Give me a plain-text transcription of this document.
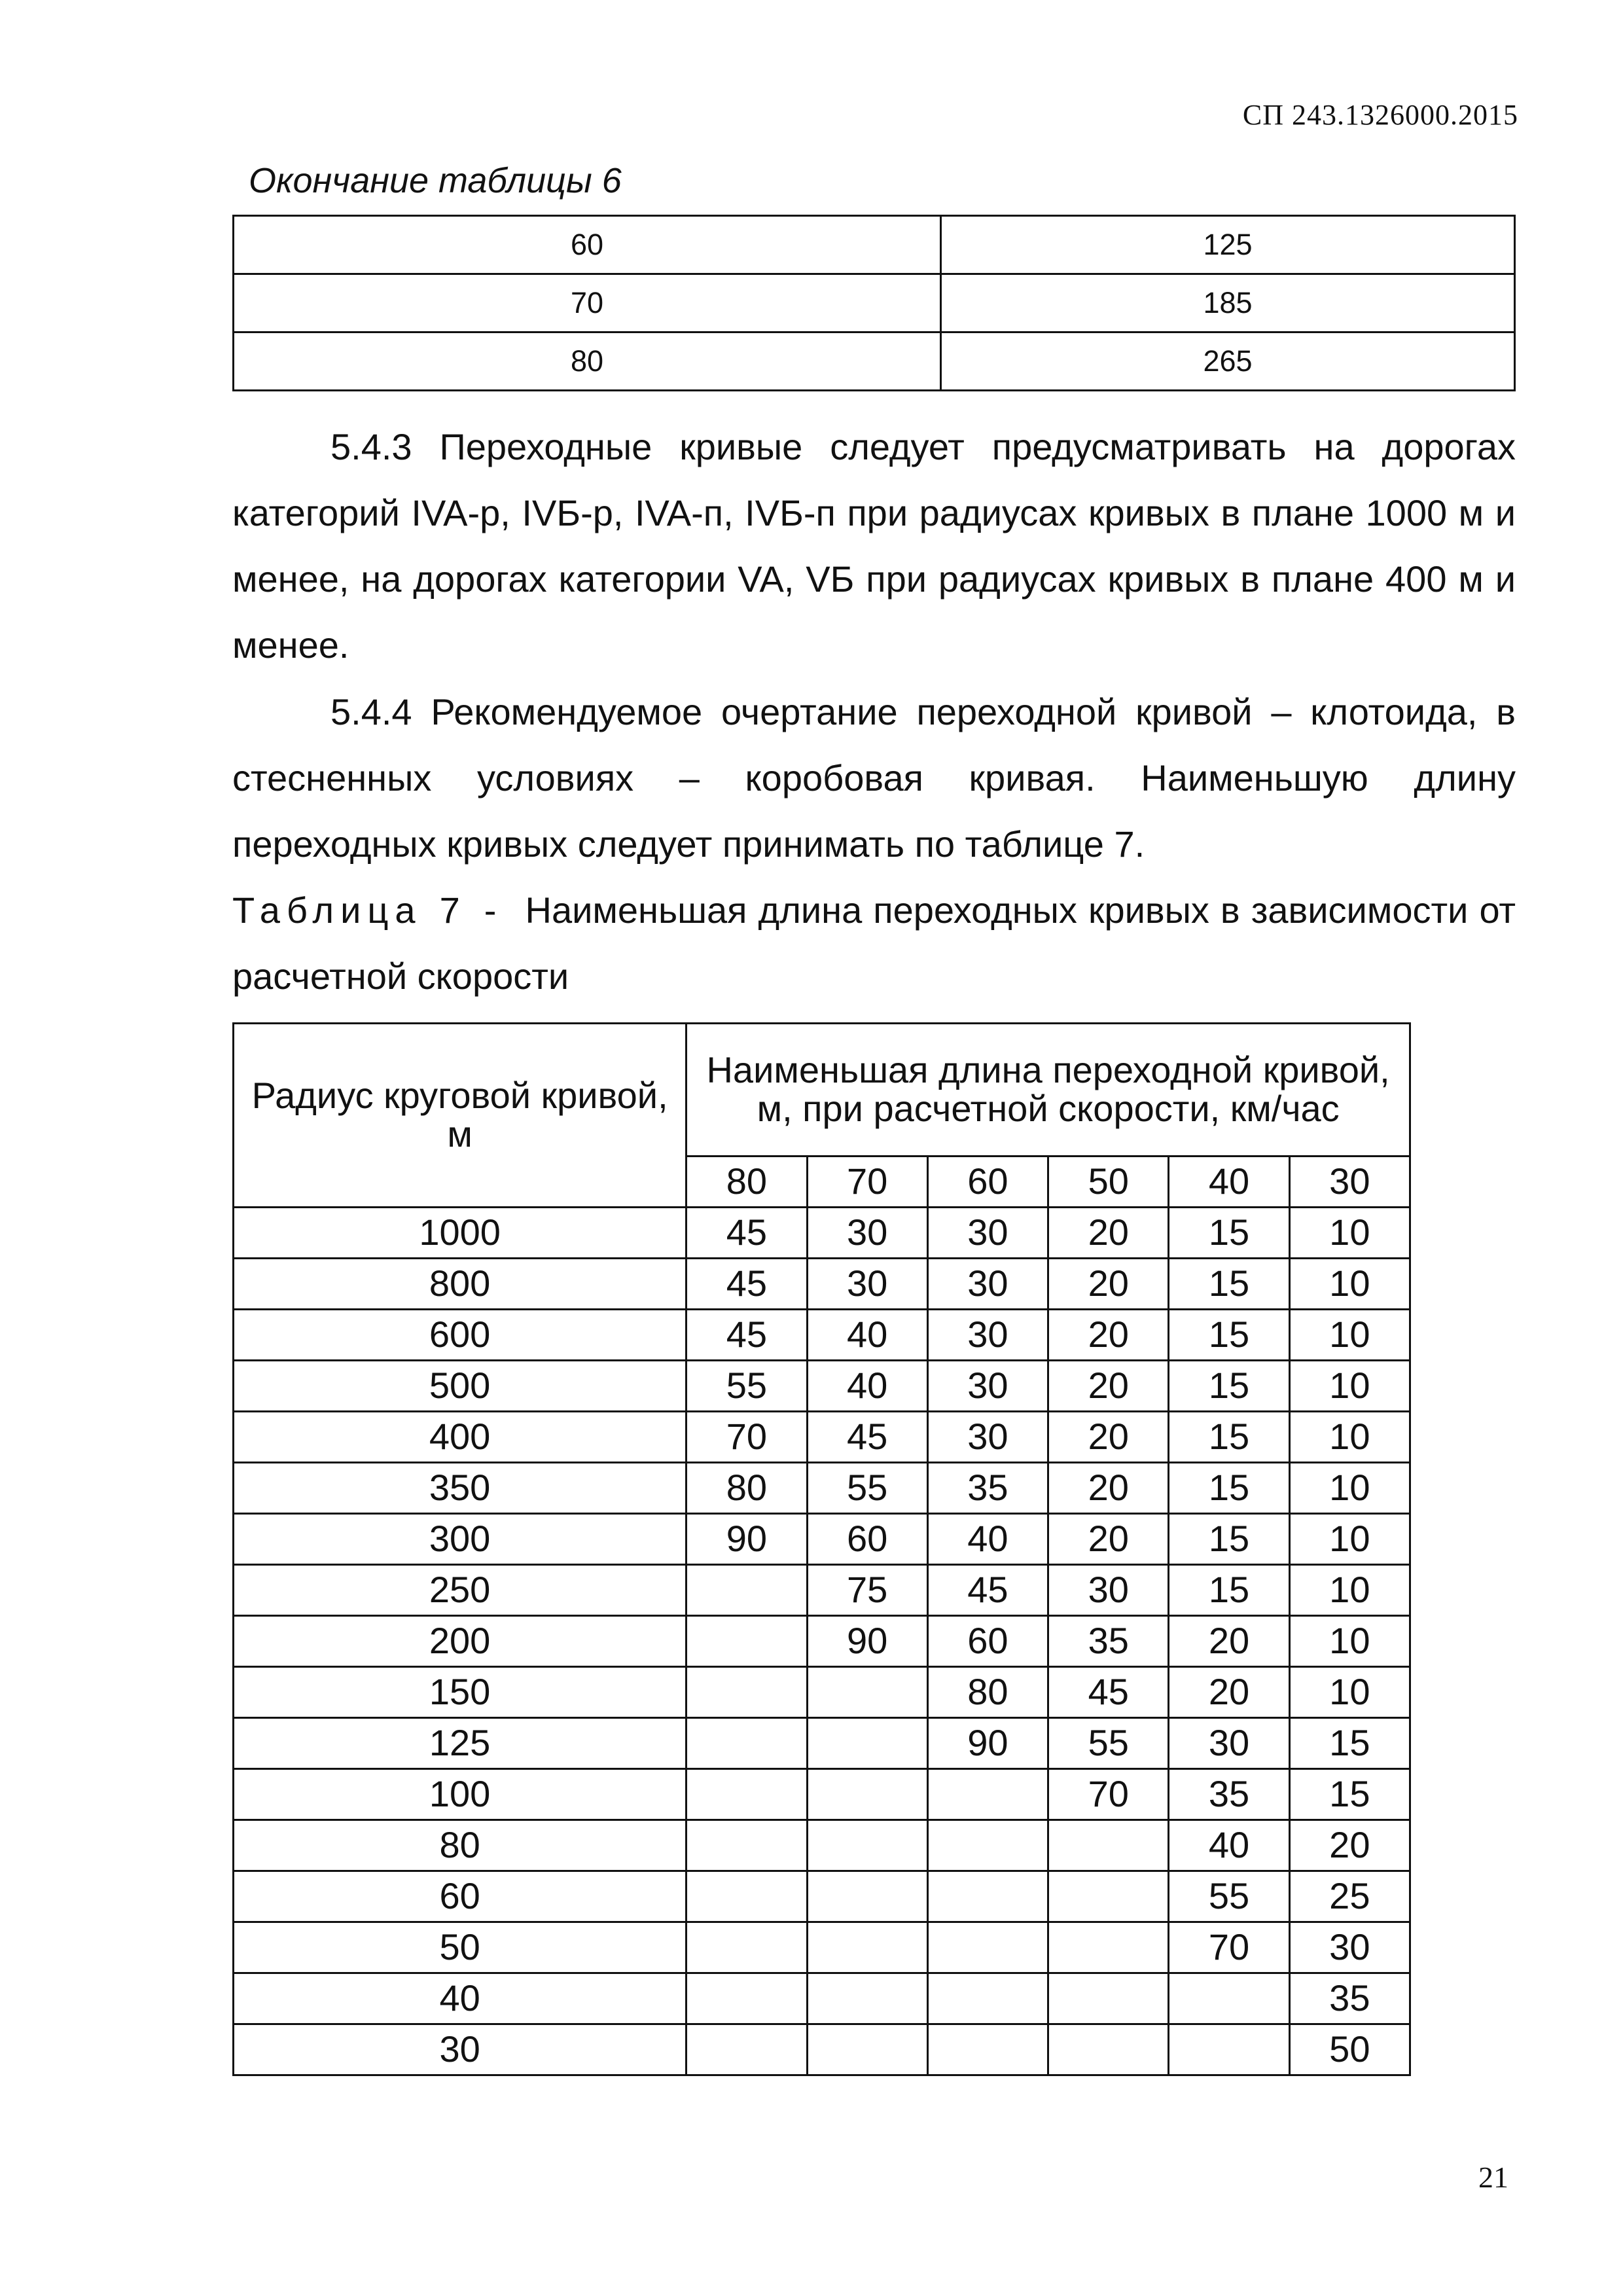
СП 243.1326000.2015
Окончание таблицы 6
60	125
70	185
80	265
5.4.3 Переходные кривые следует предусматривать на дорогах категорий IVA-р, IVБ-р, IVA-п, IVБ-п при радиусах кривых в плане 1000 м и менее, на дорогах категории VA, VБ при радиусах кривых в плане 400 м и менее.
5.4.4 Рекомендуемое очертание переходной кривой – клотоида, в стесненных условиях – коробовая кривая. Наименьшую длину переходных кривых следует принимать по таблице 7.
Таблица 7 - Наименьшая длина переходных кривых в зависимости от расчетной скорости
Радиус круговой кривой, м	Наименьшая длина переходной кривой, м, при расчетной скорости, км/час					
	80	70	60	50	40	30
1000	45	30	30	20	15	10
800	45	30	30	20	15	10
600	45	40	30	20	15	10
500	55	40	30	20	15	10
400	70	45	30	20	15	10
350	80	55	35	20	15	10
300	90	60	40	20	15	10
250		75	45	30	15	10
200		90	60	35	20	10
150			80	45	20	10
125			90	55	30	15
100				70	35	15
80					40	20
60					55	25
50					70	30
40						35
30						50
21
